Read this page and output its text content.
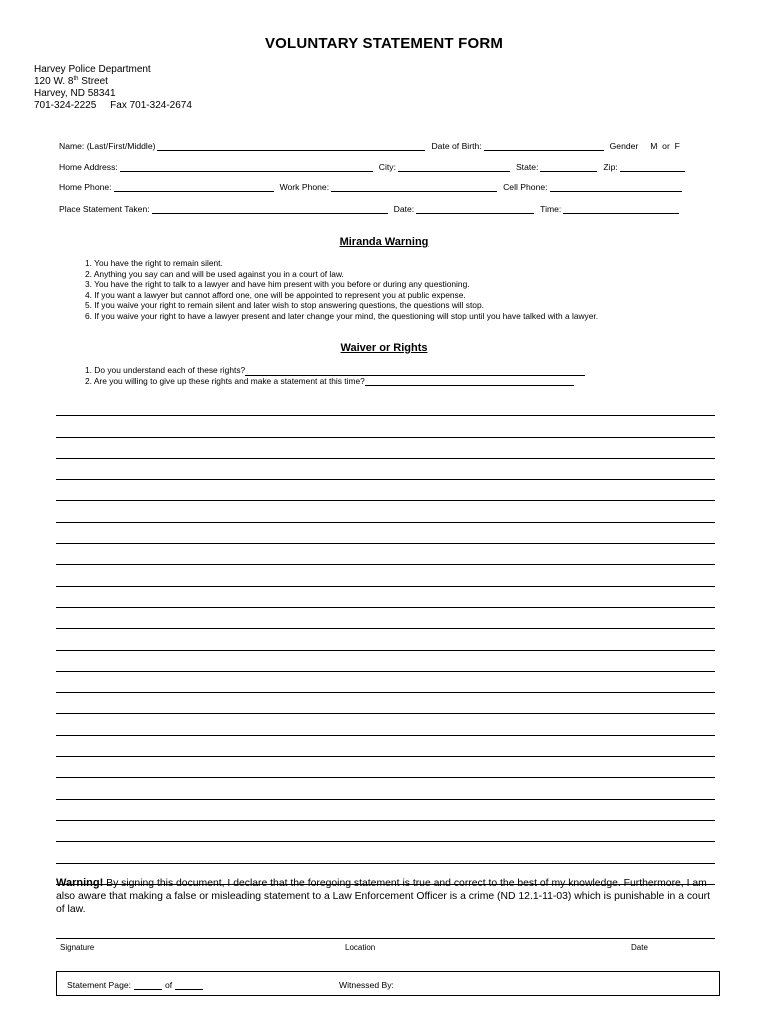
VOLUNTARY STATEMENT FORM
Harvey Police Department
120 W. 8th Street
Harvey, ND 58341
701-324-2225     Fax 701-324-2674
Name: (Last/First/Middle)	Date of Birth:	Gender     M  or  F
Home Address:	City:	State:	Zip:
Home Phone:	Work Phone:	Cell Phone:
Place Statement Taken:	Date:	Time:
Miranda Warning
1. You have the right to remain silent.
2. Anything you say can and will be used against you in a court of law.
3. You have the right to talk to a lawyer and have him present with you before or during any questioning.
4. If you want a lawyer but cannot afford one, one will be appointed to represent you at public expense.
5. If you waive your right to remain silent and later wish to stop answering questions, the questions will stop.
6. If you waive your right to have a lawyer present and later change your mind, the questioning will stop until you have talked with a lawyer.
Waiver or Rights
1. Do you understand each of these rights?
2. Are you willing to give up these rights and make a statement at this time?
Warning! By signing this document, I declare that the foregoing statement is true and correct to the best of my knowledge. Furthermore, I am also aware that making a false or misleading statement to a Law Enforcement Officer is a crime (ND 12.1-11-03) which is punishable in a court of law.
Signature	Location	Date
Statement Page:	of	Witnessed By:
